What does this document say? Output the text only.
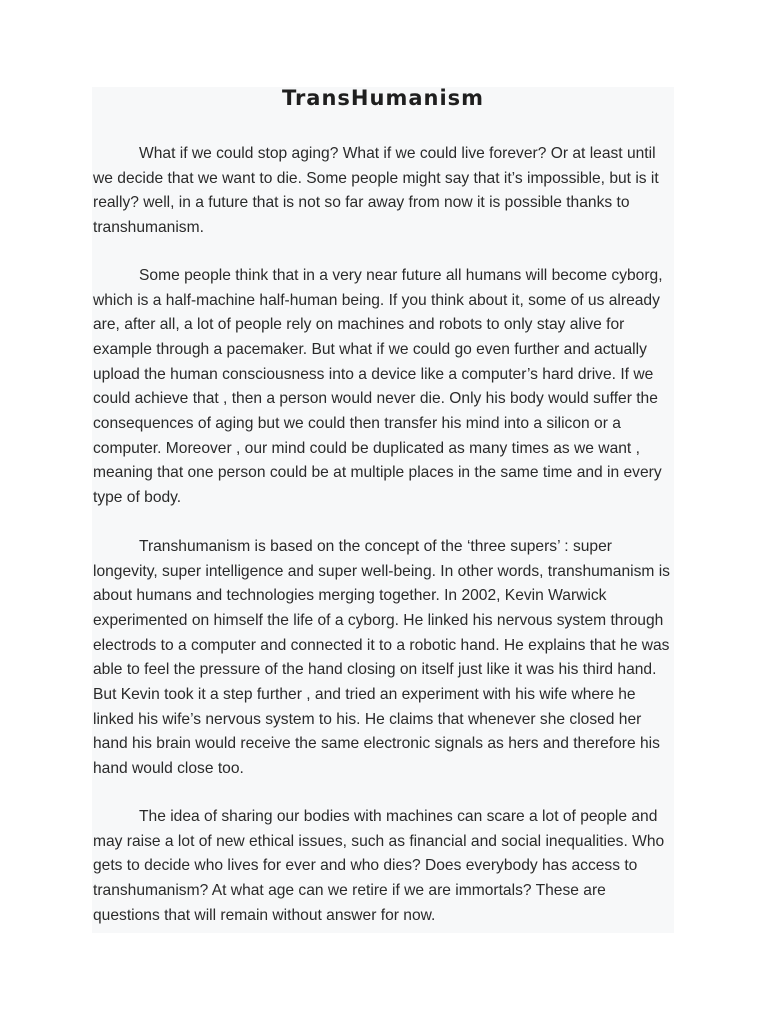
TransHumanism

What if we could stop aging? What if we could live forever? Or at least until we decide that we want to die. Some people might say that it’s impossible, but is it really? well, in a future that is not so far away from now it is possible thanks to transhumanism.

Some people think that in a very near future all humans will become cyborg, which is a half-machine half-human being. If you think about it, some of us already are, after all, a lot of people rely on machines and robots to only stay alive for example through a pacemaker. But what if we could go even further and actually upload the human consciousness into a device like a computer’s hard drive. If we could achieve that , then a person would never die. Only his body would suffer the consequences of aging but we could then transfer his mind into a silicon or a computer. Moreover , our mind could be duplicated as many times as we want , meaning that one person could be at multiple places in the same time and in every type of body.

Transhumanism is based on the concept of the ‘three supers’ : super longevity, super intelligence and super well-being. In other words, transhumanism is about humans and technologies merging together. In 2002, Kevin Warwick experimented on himself the life of a cyborg. He linked his nervous system through electrods to a computer and connected it to a robotic hand. He explains that he was able to feel the pressure of the hand closing on itself just like it was his third hand. But Kevin took it a step further , and tried an experiment with his wife where he linked his wife’s nervous system to his. He claims that whenever she closed her hand his brain would receive the same electronic signals as hers and therefore his hand would close too.

The idea of sharing our bodies with machines can scare a lot of people and may raise a lot of new ethical issues, such as financial and social inequalities. Who gets to decide who lives for ever and who dies? Does everybody has access to transhumanism? At what age can we retire if we are immortals? These are questions that will remain without answer for now.
